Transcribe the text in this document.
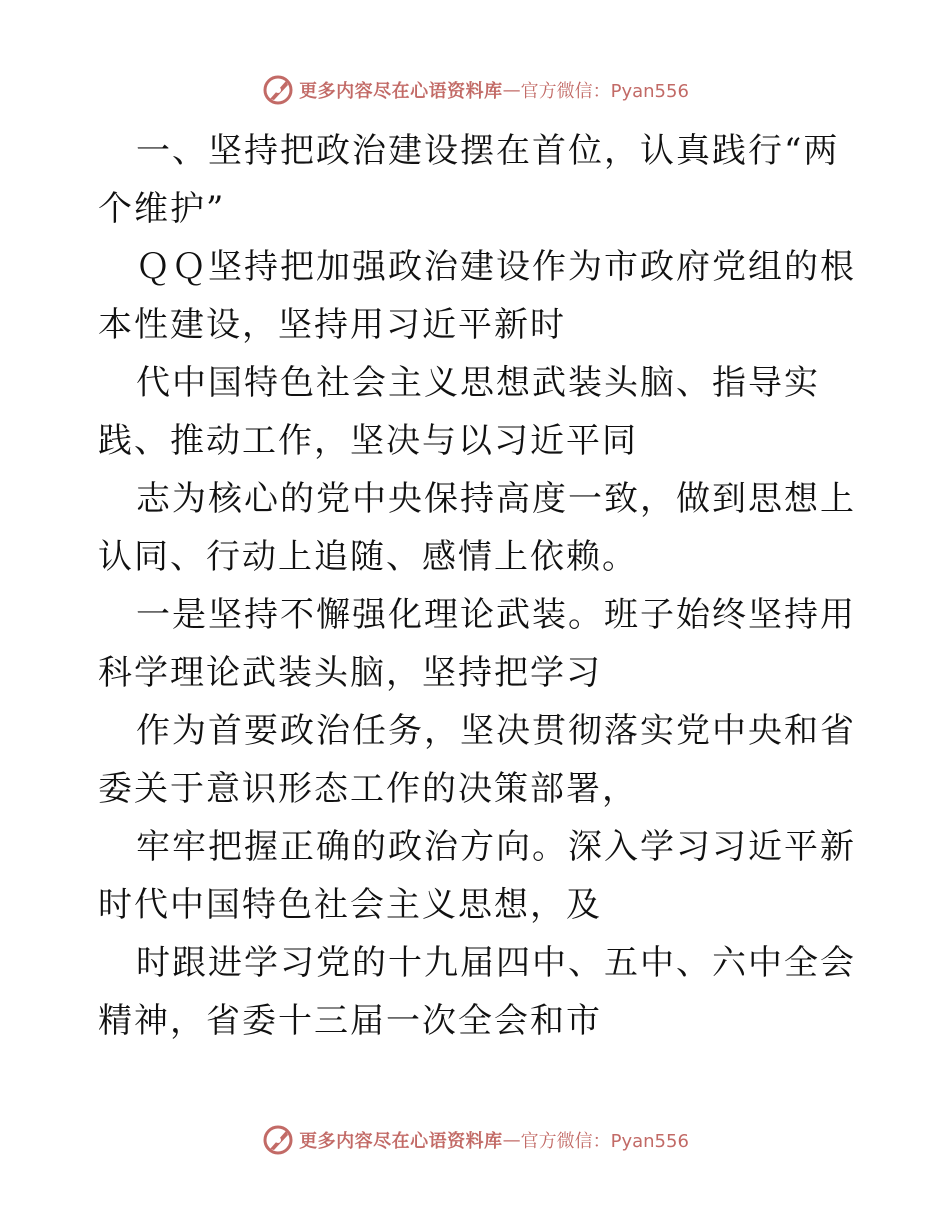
更多内容尽在心语资料库 — 官方微信：Pyan556

一、坚持把政治建设摆在首位，认真践行“两个维护”

ＱＱ坚持把加强政治建设作为市政府党组的根本性建设，坚持用习近平新时

代中国特色社会主义思想武装头脑、指导实践、推动工作，坚决与以习近平同

志为核心的党中央保持高度一致，做到思想上认同、行动上追随、感情上依赖。

一是坚持不懈强化理论武装。班子始终坚持用科学理论武装头脑，坚持把学习

作为首要政治任务，坚决贯彻落实党中央和省委关于意识形态工作的决策部署，

牢牢把握正确的政治方向。深入学习习近平新时代中国特色社会主义思想，及

时跟进学习党的十九届四中、五中、六中全会精神，省委十三届一次全会和市

更多内容尽在心语资料库 — 官方微信：Pyan556
